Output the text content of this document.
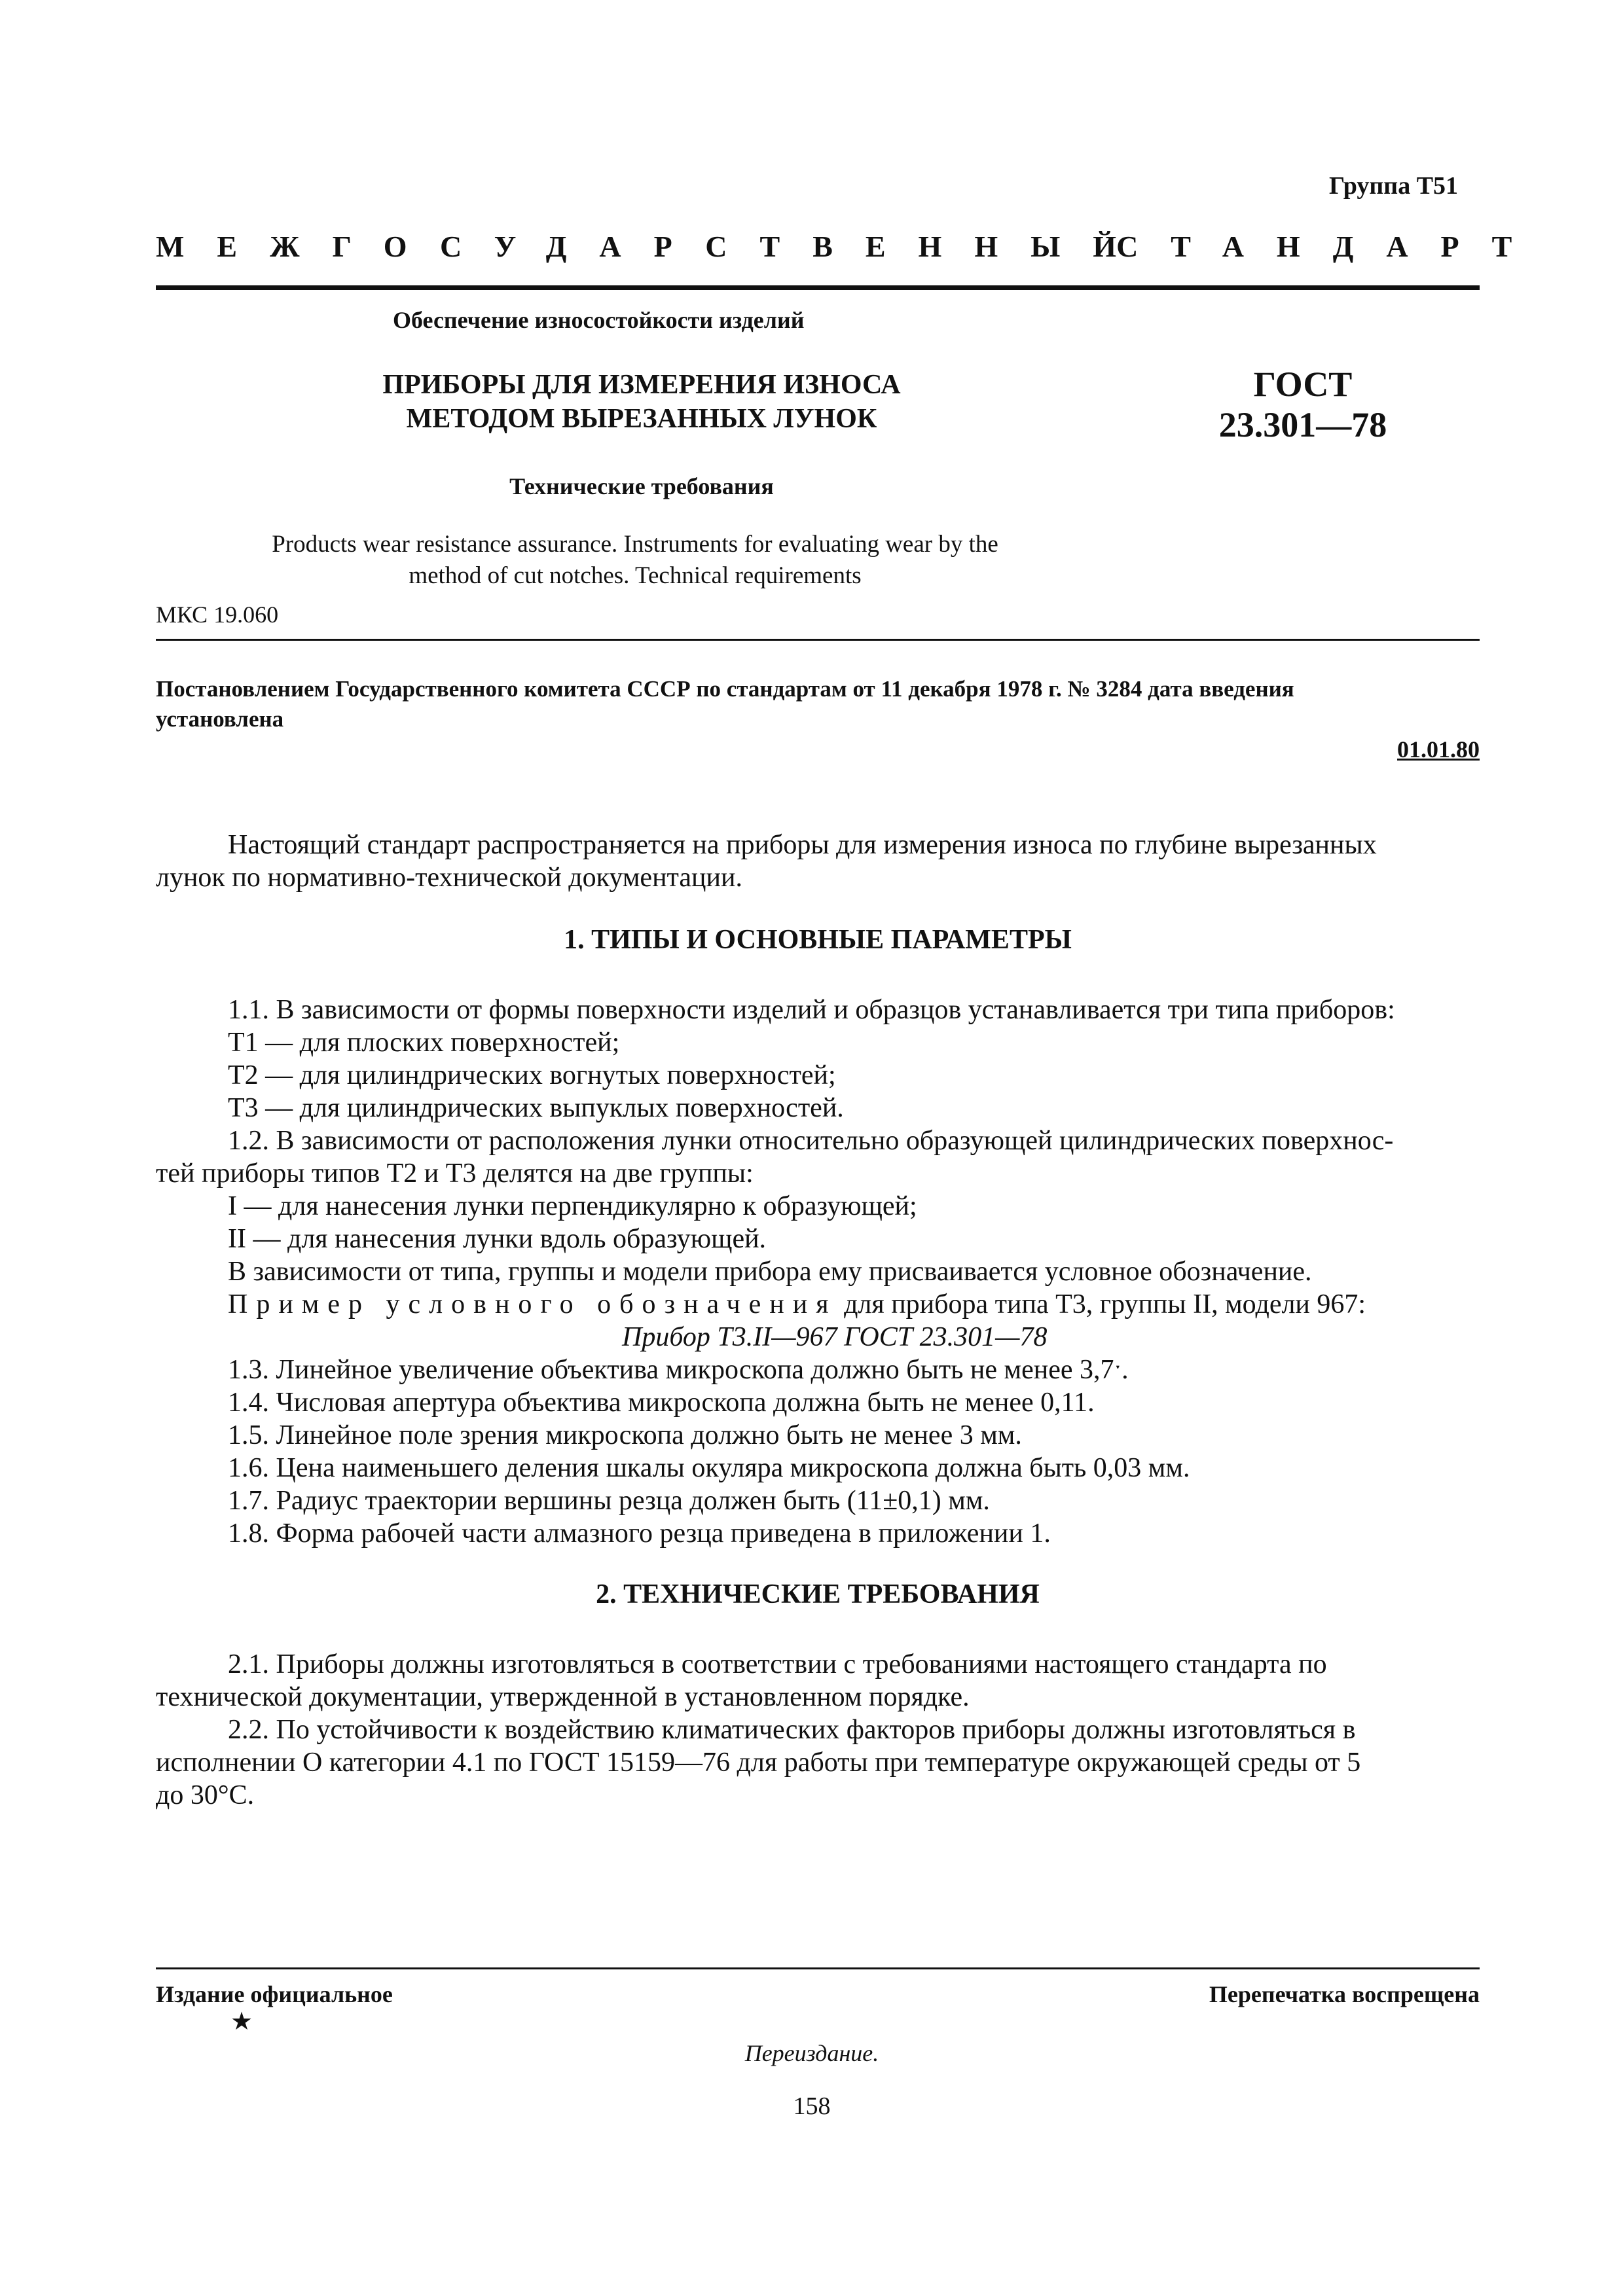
Группа Т51
МЕЖГОСУДАРСТВЕННЫ Й СТАНДАР Т
Обеспечение износостойкости изделий
ПРИБОРЫ ДЛЯ ИЗМЕРЕНИЯ ИЗНОСА
МЕТОДОМ ВЫРЕЗАННЫХ ЛУНОК
ГОСТ
23.301—78
Технические требования
Products wear resistance assurance. Instruments for evaluating wear by the
method of cut notches. Technical requirements
МКС 19.060
Постановлением Государственного комитета СССР по стандартам от 11 декабря 1978 г. № 3284 дата введения
установлена
01.01.80
Настоящий стандарт распространяется на приборы для измерения износа по глубине вырезанных
лунок по нормативно-технической документации.
1. ТИПЫ И ОСНОВНЫЕ ПАРАМЕТРЫ
1.1. В зависимости от формы поверхности изделий и образцов устанавливается три типа приборов:
Т1 — для плоских поверхностей;
Т2 — для цилиндрических вогнутых поверхностей;
Т3 — для цилиндрических выпуклых поверхностей.
1.2. В зависимости от расположения лунки относительно образующей цилиндрических поверхнос-
тей приборы типов Т2 и Т3 делятся на две группы:
I — для нанесения лунки перпендикулярно к образующей;
II — для нанесения лунки вдоль образующей.
В зависимости от типа, группы и модели прибора ему присваивается условное обозначение.
Пример условного обозначения для прибора типа Т3, группы II, модели 967:
Прибор Т3.II—967 ГОСТ 23.301—78
1.3. Линейное увеличение объектива микроскопа должно быть не менее 3,7ˑ.
1.4. Числовая апертура объектива микроскопа должна быть не менее 0,11.
1.5. Линейное поле зрения микроскопа должно быть не менее 3 мм.
1.6. Цена наименьшего деления шкалы окуляра микроскопа должна быть 0,03 мм.
1.7. Радиус траектории вершины резца должен быть (11±0,1) мм.
1.8. Форма рабочей части алмазного резца приведена в приложении 1.
2. ТЕХНИЧЕСКИЕ ТРЕБОВАНИЯ
2.1. Приборы должны изготовляться в соответствии с требованиями настоящего стандарта по
технической документации, утвержденной в установленном порядке.
2.2. По устойчивости к воздействию климатических факторов приборы должны изготовляться в
исполнении О категории 4.1 по ГОСТ 15159—76 для работы при температуре окружающей среды от 5
до 30°С.
Издание официальное	Перепечатка воспрещена
★
Переиздание.
158
